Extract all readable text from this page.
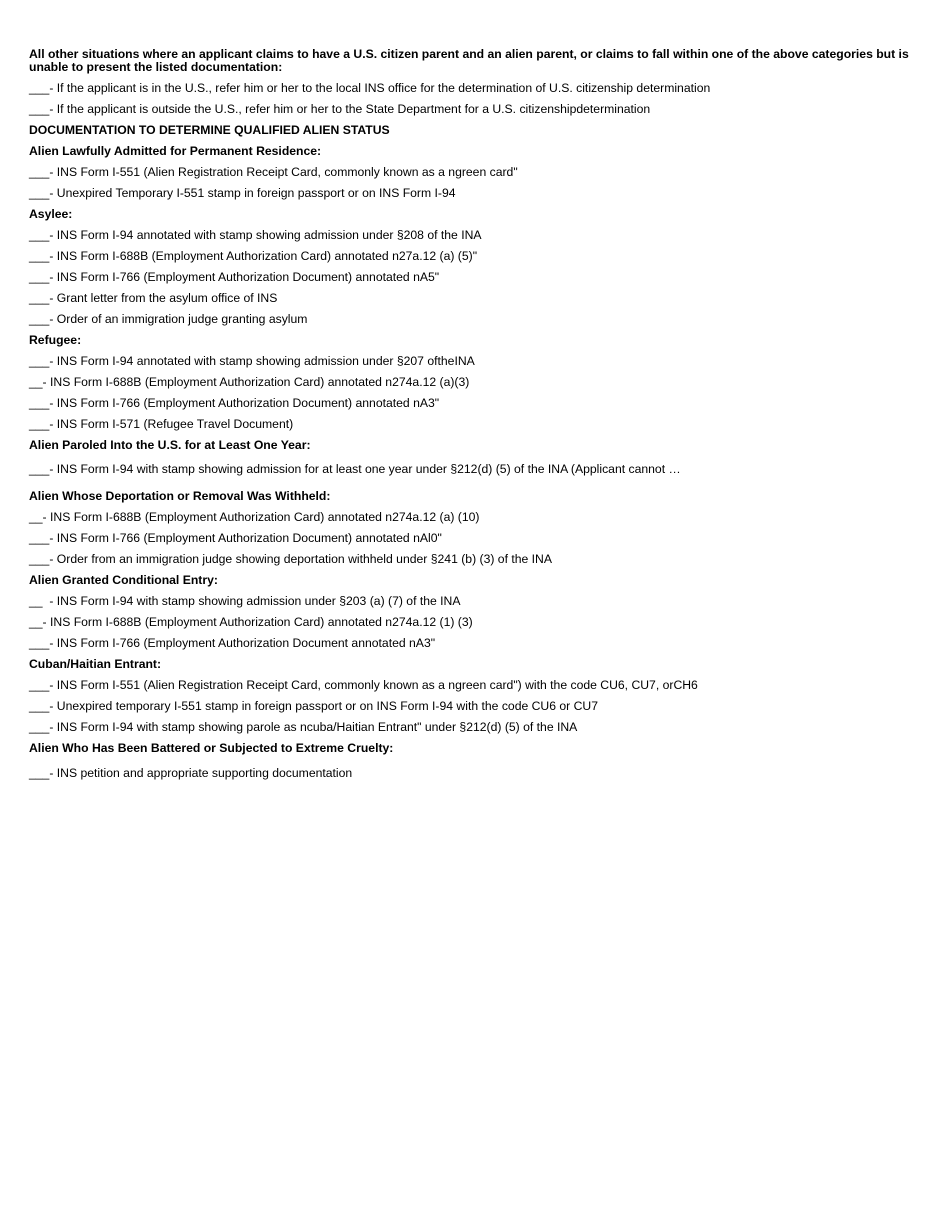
All other situations where an applicant claims to have a U.S. citizen parent and an alien parent, or claims to fall within one of the above categories but is unable to present the listed documentation:
___- If the applicant is in the U.S., refer him or her to the local INS office for the determination of U.S. citizenship determination
___- If the applicant is outside the U.S., refer him or her to the State Department for a U.S. citizenshipdetermination
DOCUMENTATION TO DETERMINE QUALIFIED ALIEN STATUS
Alien Lawfully Admitted for Permanent Residence:
___- INS Form I-551 (Alien Registration Receipt Card, commonly known as a ngreen card"
___- Unexpired Temporary I-551 stamp in foreign passport or on INS Form I-94
Asylee:
___- INS Form I-94 annotated with stamp showing admission under §208 of the INA
___- INS Form I-688B (Employment Authorization Card) annotated n27a.12 (a) (5)"
___- INS Form I-766 (Employment Authorization Document) annotated nA5"
___- Grant letter from the asylum office of INS
___- Order of an immigration judge granting asylum
Refugee:
___- INS Form I-94 annotated with stamp showing admission under §207 oftheINA
__- INS Form I-688B (Employment Authorization Card) annotated n274a.12 (a)(3)
___- INS Form I-766 (Employment Authorization Document) annotated nA3"
___- INS Form I-571 (Refugee Travel Document)
Alien Paroled Into the U.S. for at Least One Year:
___- INS Form I-94 with stamp showing admission for at least one year under §212(d) (5) of the INA (Applicant cannot …
Alien Whose Deportation or Removal Was Withheld:
__- INS Form I-688B (Employment Authorization Card) annotated n274a.12 (a) (10)
___- INS Form I-766 (Employment Authorization Document) annotated nAl0"
___- Order from an immigration judge showing deportation withheld under §241 (b) (3) of the INA
Alien Granted Conditional Entry:
__  - INS Form I-94 with stamp showing admission under §203 (a) (7) of the INA
__- INS Form I-688B (Employment Authorization Card) annotated n274a.12 (1) (3)
___- INS Form I-766 (Employment Authorization Document annotated nA3"
Cuban/Haitian Entrant:
___- INS Form I-551 (Alien Registration Receipt Card, commonly known as a ngreen card") with the code CU6, CU7, orCH6
___- Unexpired temporary I-551 stamp in foreign passport or on INS Form I-94 with the code CU6 or CU7
___- INS Form I-94 with stamp showing parole as ncuba/Haitian Entrant" under §212(d) (5) of the INA
Alien Who Has Been Battered or Subjected to Extreme Cruelty:
___- INS petition and appropriate supporting documentation
